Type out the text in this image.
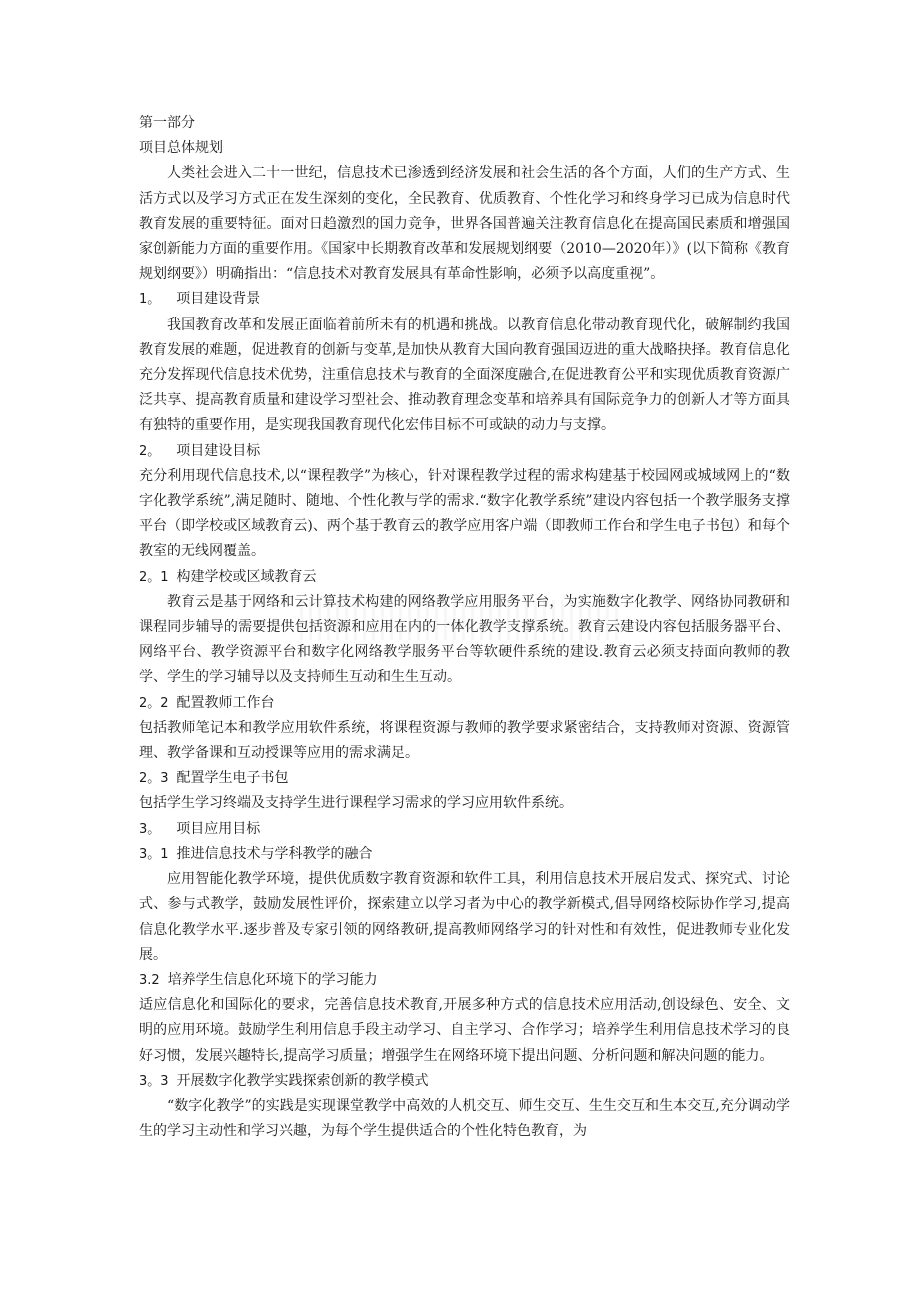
第一部分

项目总体规划

人类社会进入二十一世纪，信息技术已渗透到经济发展和社会生活的各个方面，人们的生产方式、生活方式以及学习方式正在发生深刻的变化，全民教育、优质教育、个性化学习和终身学习已成为信息时代教育发展的重要特征。面对日趋激烈的国力竞争，世界各国普遍关注教育信息化在提高国民素质和增强国家创新能力方面的重要作用。《国家中长期教育改革和发展规划纲要（2010—2020年）》(以下简称《教育规划纲要》）明确指出：“信息技术对教育发展具有革命性影响，必须予以高度重视”。

1。 项目建设背景

我国教育改革和发展正面临着前所未有的机遇和挑战。以教育信息化带动教育现代化，破解制约我国教育发展的难题，促进教育的创新与变革,是加快从教育大国向教育强国迈进的重大战略抉择。教育信息化充分发挥现代信息技术优势，注重信息技术与教育的全面深度融合,在促进教育公平和实现优质教育资源广泛共享、提高教育质量和建设学习型社会、推动教育理念变革和培养具有国际竞争力的创新人才等方面具有独特的重要作用，是实现我国教育现代化宏伟目标不可或缺的动力与支撑。

2。 项目建设目标

充分利用现代信息技术,以“课程教学”为核心，针对课程教学过程的需求构建基于校园网或城域网上的“数字化教学系统”,满足随时、随地、个性化教与学的需求.“数字化教学系统”建设内容包括一个教学服务支撑平台（即学校或区域教育云)、两个基于教育云的教学应用客户端（即教师工作台和学生电子书包）和每个教室的无线网覆盖。

2。1 构建学校或区域教育云

教育云是基于网络和云计算技术构建的网络教学应用服务平台，为实施数字化教学、网络协同教研和课程同步辅导的需要提供包括资源和应用在内的一体化教学支撑系统。教育云建设内容包括服务器平台、网络平台、教学资源平台和数字化网络教学服务平台等软硬件系统的建设.教育云必须支持面向教师的教学、学生的学习辅导以及支持师生互动和生生互动。

2。2 配置教师工作台

包括教师笔记本和教学应用软件系统，将课程资源与教师的教学要求紧密结合，支持教师对资源、资源管理、教学备课和互动授课等应用的需求满足。

2。3 配置学生电子书包

包括学生学习终端及支持学生进行课程学习需求的学习应用软件系统。

3。 项目应用目标

3。1 推进信息技术与学科教学的融合

应用智能化教学环境，提供优质数字教育资源和软件工具，利用信息技术开展启发式、探究式、讨论式、参与式教学，鼓励发展性评价，探索建立以学习者为中心的教学新模式,倡导网络校际协作学习,提高信息化教学水平.逐步普及专家引领的网络教研,提高教师网络学习的针对性和有效性，促进教师专业化发展。

3.2 培养学生信息化环境下的学习能力

适应信息化和国际化的要求，完善信息技术教育,开展多种方式的信息技术应用活动,创设绿色、安全、文明的应用环境。鼓励学生利用信息手段主动学习、自主学习、合作学习；培养学生利用信息技术学习的良好习惯，发展兴趣特长,提高学习质量；增强学生在网络环境下提出问题、分析问题和解决问题的能力。

3。3 开展数字化教学实践探索创新的教学模式

“数字化教学”的实践是实现课堂教学中高效的人机交互、师生交互、生生交互和生本交互,充分调动学生的学习主动性和学习兴趣，为每个学生提供适合的个性化特色教育，为
